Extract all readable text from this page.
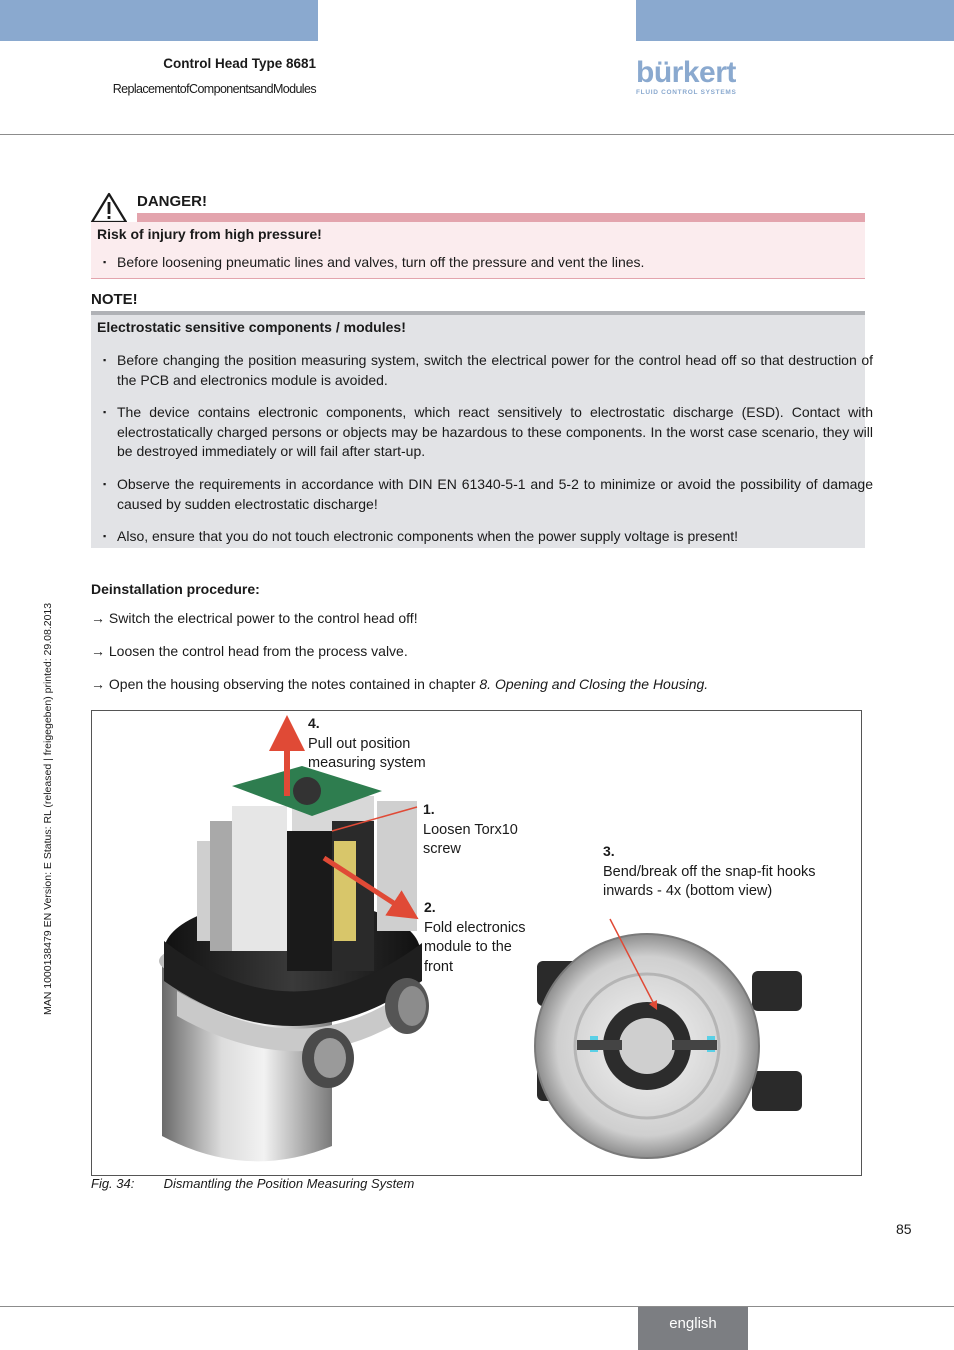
Control Head Type 8681
ReplacementofComponentsandModules	bürkert
FLUID CONTROL SYSTEMS
MAN 1000138479 EN Version: E Status: RL (released | freigegeben) printed: 29.08.2013
DANGER!
Risk of injury from high pressure!
▪ Before loosening pneumatic lines and valves, turn off the pressure and vent the lines.
NOTE!
Electrostatic sensitive components / modules!
▪ Before changing the position measuring system, switch the electrical power for the control head off so that destruction of the PCB and electronics module is avoided.
▪ The device contains electronic components, which react sensitively to electrostatic discharge (ESD). Contact with electrostatically charged persons or objects may be hazardous to these components. In the worst case scenario, they will be destroyed immediately or will fail after start-up.
▪ Observe the requirements in accordance with DIN EN 61340-5-1 and 5-2 to minimize or avoid the possibility of damage caused by sudden electrostatic discharge!
▪ Also, ensure that you do not touch electronic components when the power supply voltage is present!
Deinstallation procedure:
→ Switch the electrical power to the control head off!
→ Loosen the control head from the process valve.
→ Open the housing observing the notes contained in chapter 8. Opening and Closing the Housing.
4.
Pull out position measuring system
1.
Loosen Torx10 screw
2.
Fold electronics module to the front
3.
Bend/break off the snap-fit hooks inwards - 4x (bottom view)
Fig. 34: Dismantling the Position Measuring System
85
english
